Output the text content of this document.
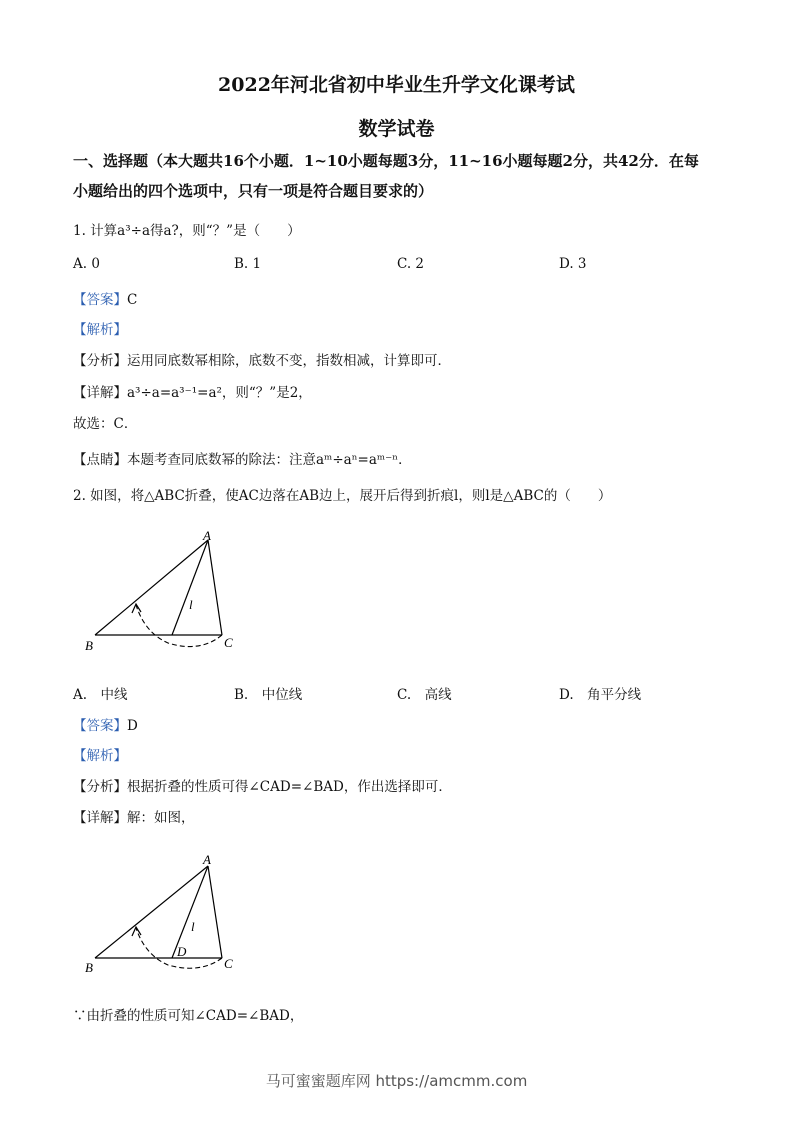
2022年河北省初中毕业生升学文化课考试
数学试卷
一、选择题（本大题共16个小题．1~10小题每题3分，11~16小题每题2分，共42分．在每
小题给出的四个选项中，只有一项是符合题目要求的）
1. 计算a³÷a得a?，则“？”是（　　）
A. 0	B. 1	C. 2	D. 3
【答案】C
【解析】
【分析】运用同底数幂相除，底数不变，指数相减，计算即可．
【详解】a³÷a=a³⁻¹=a²，则“？”是2，
故选：C．
【点睛】本题考查同底数幂的除法：注意aᵐ÷aⁿ=aᵐ⁻ⁿ．
2. 如图，将△ABC折叠，使AC边落在AB边上，展开后得到折痕l，则l是△ABC的（　　）
A
B	C
l
A.　中线	B.　中位线	C.　高线	D.　角平分线
【答案】D
【解析】
【分析】根据折叠的性质可得∠CAD=∠BAD，作出选择即可．
【详解】解：如图，
A
B	C
D
l
∵由折叠的性质可知∠CAD=∠BAD，
马可蜜蜜题库网 https://amcmm.com
